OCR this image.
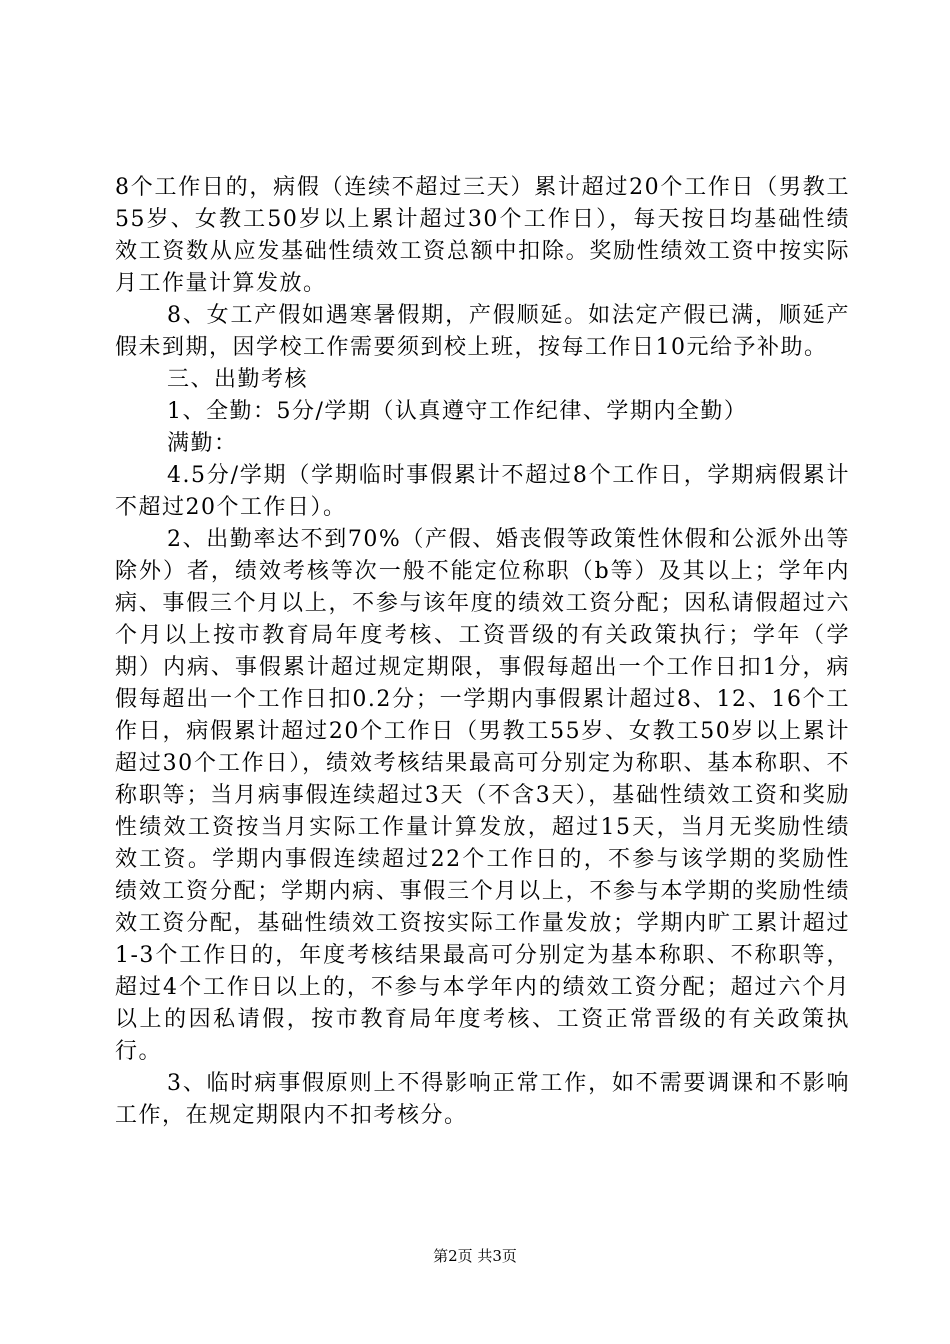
8个工作日的，病假（连续不超过三天）累计超过20个工作日（男教工55岁、女教工50岁以上累计超过30个工作日），每天按日均基础性绩效工资数从应发基础性绩效工资总额中扣除。奖励性绩效工资中按实际月工作量计算发放。

8、女工产假如遇寒暑假期，产假顺延。如法定产假已满，顺延产假未到期，因学校工作需要须到校上班，按每工作日10元给予补助。

三、出勤考核

1、全勤：5分/学期（认真遵守工作纪律、学期内全勤）

满勤：

4.5分/学期（学期临时事假累计不超过8个工作日，学期病假累计不超过20个工作日）。

2、出勤率达不到70%（产假、婚丧假等政策性休假和公派外出等除外）者，绩效考核等次一般不能定位称职（b等）及其以上；学年内病、事假三个月以上，不参与该年度的绩效工资分配；因私请假超过六个月以上按市教育局年度考核、工资晋级的有关政策执行；学年（学期）内病、事假累计超过规定期限，事假每超出一个工作日扣1分，病假每超出一个工作日扣0.2分；一学期内事假累计超过8、12、16个工作日，病假累计超过20个工作日（男教工55岁、女教工50岁以上累计超过30个工作日），绩效考核结果最高可分别定为称职、基本称职、不称职等；当月病事假连续超过3天（不含3天），基础性绩效工资和奖励性绩效工资按当月实际工作量计算发放，超过15天，当月无奖励性绩效工资。学期内事假连续超过22个工作日的，不参与该学期的奖励性绩效工资分配；学期内病、事假三个月以上，不参与本学期的奖励性绩效工资分配，基础性绩效工资按实际工作量发放；学期内旷工累计超过1-3个工作日的，年度考核结果最高可分别定为基本称职、不称职等，超过4个工作日以上的，不参与本学年内的绩效工资分配；超过六个月以上的因私请假，按市教育局年度考核、工资正常晋级的有关政策执行。

3、临时病事假原则上不得影响正常工作，如不需要调课和不影响工作，在规定期限内不扣考核分。

第2页 共3页
